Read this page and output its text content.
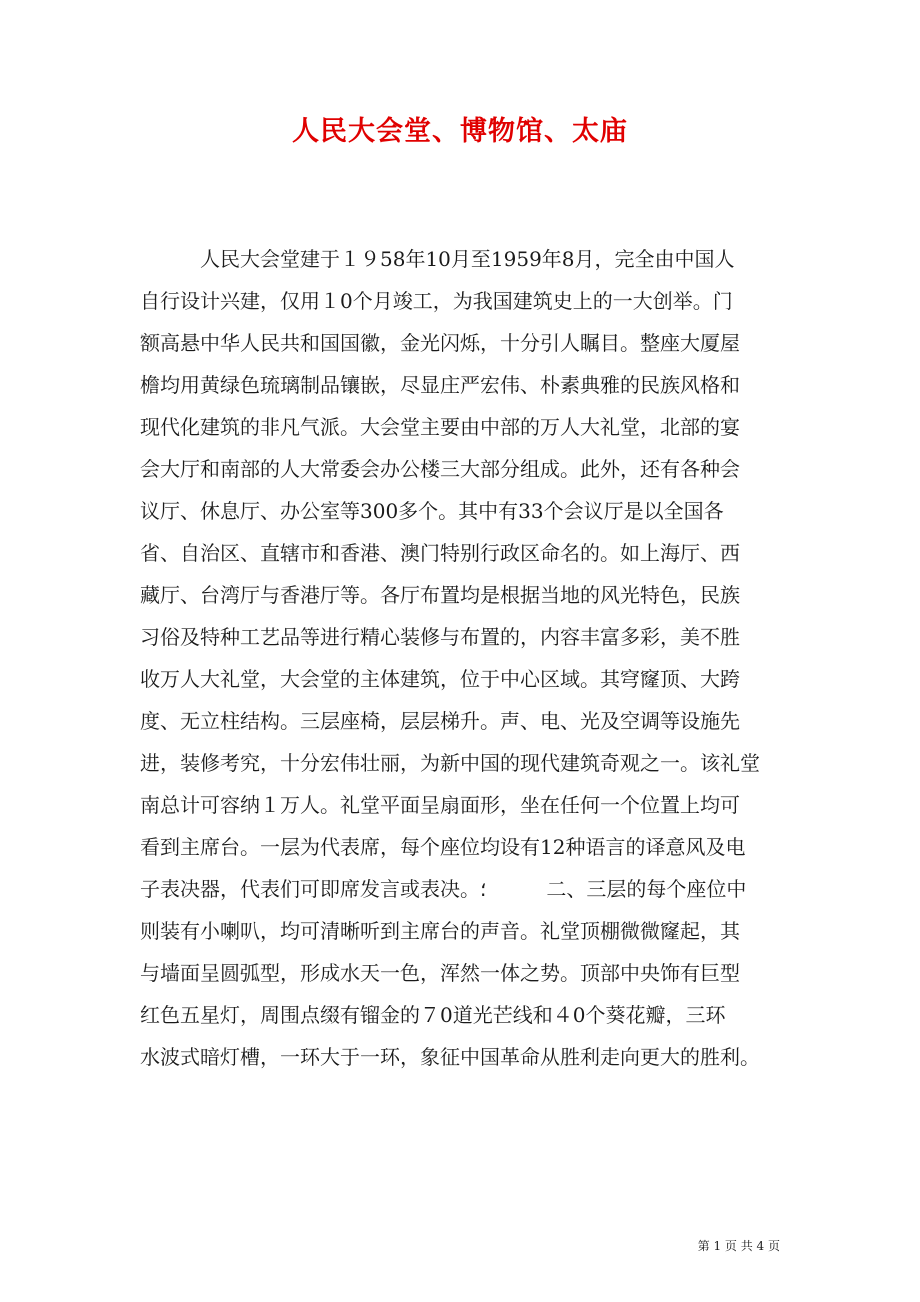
人民大会堂、博物馆、太庙
人民大会堂建于１９58年10月至1959年8月，完全由中国人
自行设计兴建，仅用１0个月竣工，为我国建筑史上的一大创举。门
额高悬中华人民共和国国徽，金光闪烁，十分引人瞩目。整座大厦屋
檐均用黄绿色琉璃制品镶嵌，尽显庄严宏伟、朴素典雅的民族风格和
现代化建筑的非凡气派。大会堂主要由中部的万人大礼堂，北部的宴
会大厅和南部的人大常委会办公楼三大部分组成。此外，还有各种会
议厅、休息厅、办公室等300多个。其中有33个会议厅是以全国各
省、自治区、直辖市和香港、澳门特别行政区命名的。如上海厅、西
藏厅、台湾厅与香港厅等。各厅布置均是根据当地的风光特色，民族
习俗及特种工艺品等进行精心装修与布置的，内容丰富多彩，美不胜
收万人大礼堂，大会堂的主体建筑，位于中心区域。其穹窿顶、大跨
度、无立柱结构。三层座椅，层层梯升。声、电、光及空调等设施先
进，装修考究，十分宏伟壮丽，为新中国的现代建筑奇观之一。该礼堂
南总计可容纳１万人。礼堂平面呈扇面形，坐在任何一个位置上均可
看到主席台。一层为代表席，每个座位均设有12种语言的译意风及电
子表决器，代表们可即席发言或表决。؛　　　二、三层的每个座位中
则装有小喇叭，均可清晰听到主席台的声音。礼堂顶棚微微窿起，其
与墙面呈圆弧型，形成水天一色，浑然一体之势。顶部中央饰有巨型
红色五星灯，周围点缀有镏金的７0道光芒线和４0个葵花瓣，三环
水波式暗灯槽，一环大于一环，象征中国革命从胜利走向更大的胜利。
第 1 页 共 4 页
